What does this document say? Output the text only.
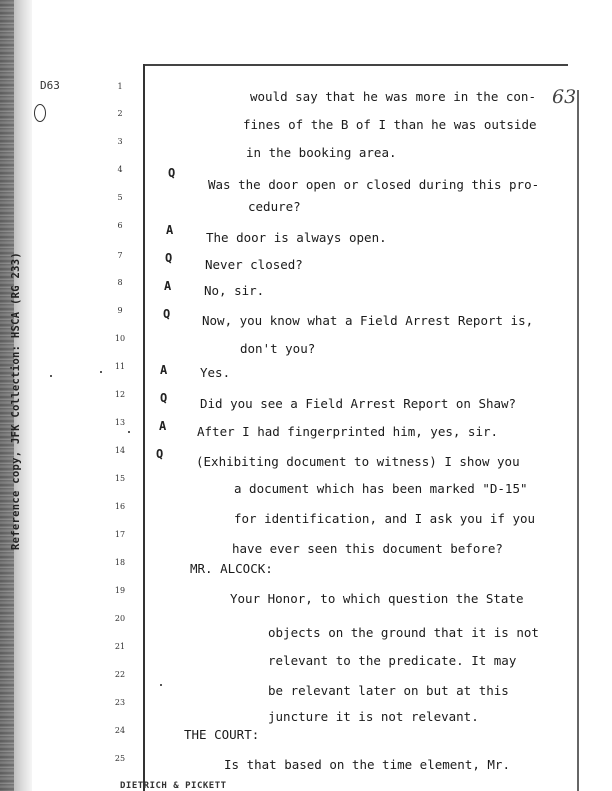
D63
Reference copy, JFK Collection: HSCA (RG 233)
63
1
2
3
4
5
6
7
8
9
10
11
12
13
14
15
16
17
18
19
20
21
22
23
24
25
Q
A
Q
A
Q
A
Q
A
Q
would say that he was more in the con-
fines of the B of I than he was outside
in the booking area.
Was the door open or closed during this pro-
cedure?
The door is always open.
Never closed?
No, sir.
Now, you know what a Field Arrest Report is,
don't you?
Yes.
Did you see a Field Arrest Report on Shaw?
After I had fingerprinted him, yes, sir.
(Exhibiting document to witness) I show you
a document which has been marked "D-15"
for identification, and I ask you if you
have ever seen this document before?
MR. ALCOCK:
Your Honor, to which question the State
objects on the ground that it is not
relevant to the predicate. It may
be relevant later on but at this
juncture it is not relevant.
THE COURT:
Is that based on the time element, Mr.
DIETRICH & PICKETT
